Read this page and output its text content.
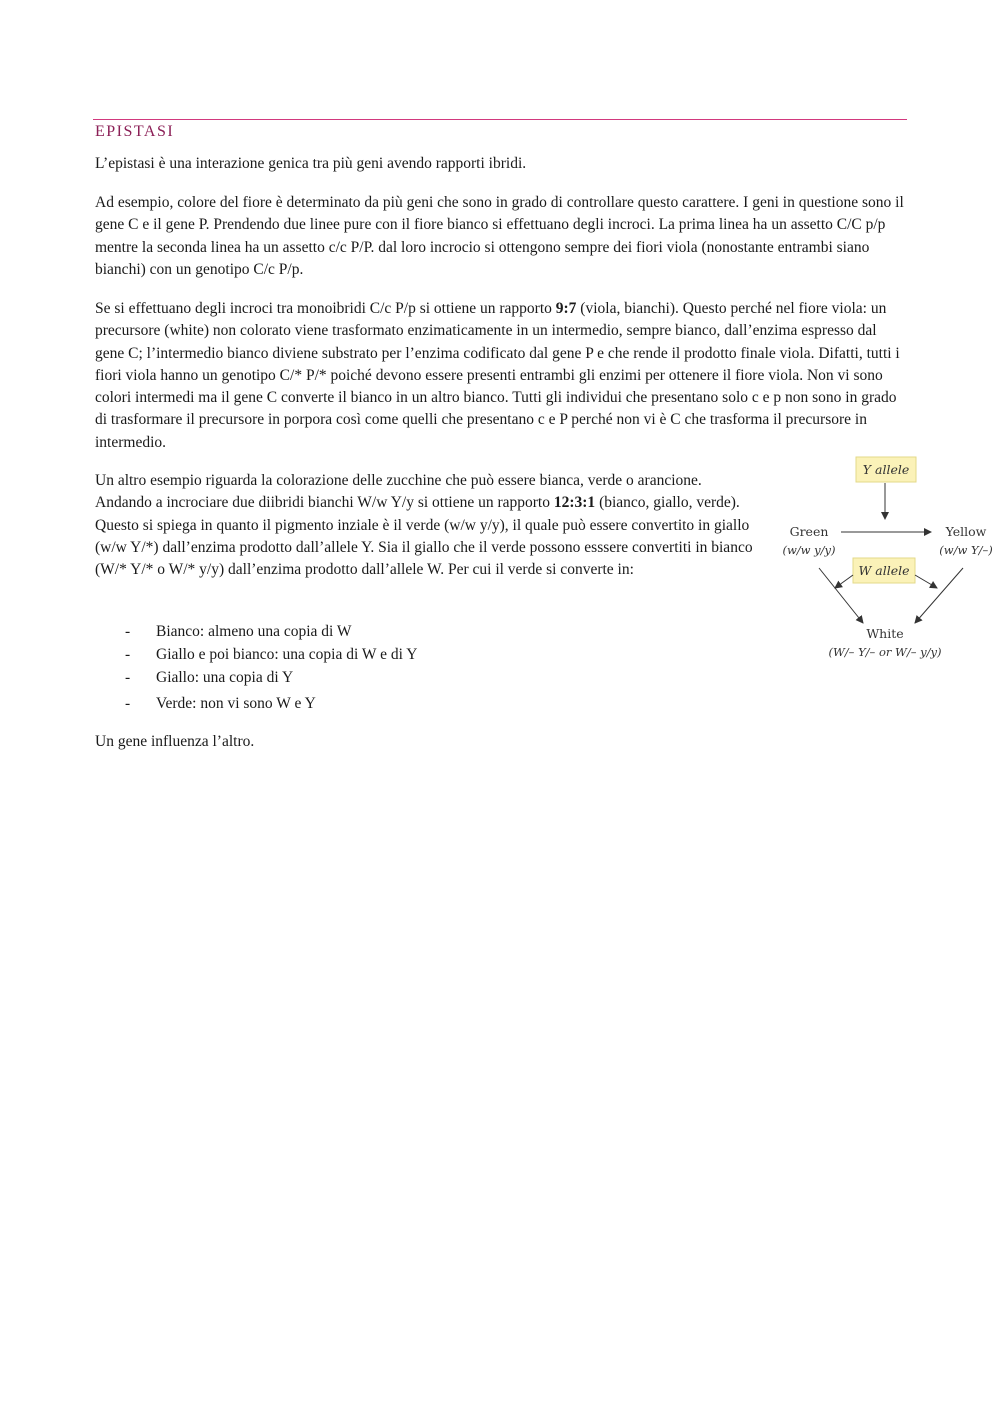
EPISTASI

L’epistasi è una interazione genica tra più geni avendo rapporti ibridi.

Ad esempio, colore del fiore è determinato da più geni che sono in grado di controllare questo carattere. I geni in questione sono il gene C e il gene P. Prendendo due linee pure con il fiore bianco si effettuano degli incroci. La prima linea ha un assetto C/C p/p mentre la seconda linea ha un assetto c/c P/P. dal loro incrocio si ottengono sempre dei fiori viola (nonostante entrambi siano bianchi) con un genotipo C/c P/p.

Se si effettuano degli incroci tra monoibridi C/c P/p si ottiene un rapporto 9:7 (viola, bianchi). Questo perché nel fiore viola: un precursore (white) non colorato viene trasformato enzimaticamente in un intermedio, sempre bianco, dall’enzima espresso dal gene C; l’intermedio bianco diviene substrato per l’enzima codificato dal gene P e che rende il prodotto finale viola. Difatti, tutti i fiori viola hanno un genotipo C/* P/* poiché devono essere presenti entrambi gli enzimi per ottenere il fiore viola. Non vi sono colori intermedi ma il gene C converte il bianco in un altro bianco. Tutti gli individui che presentano solo c e p non sono in grado di trasformare il precursore in porpora così come quelli che presentano c e P perché non vi è C che trasforma il precursore in intermedio.

Un altro esempio riguarda la colorazione delle zucchine che può essere bianca, verde o arancione. Andando a incrociare due diibridi bianchi W/w Y/y si ottiene un rapporto 12:3:1 (bianco, giallo, verde). Questo si spiega in quanto il pigmento inziale è il verde (w/w y/y), il quale può essere convertito in giallo (w/w Y/*) dall’enzima prodotto dall’allele Y. Sia il giallo che il verde possono esssere convertiti in bianco (W/* Y/* o W/* y/y) dall’enzima prodotto dall’allele W. Per cui il verde si converte in:

- Bianco: almeno una copia di W
- Giallo e poi bianco: una copia di W e di Y
- Giallo: una copia di Y
- Verde: non vi sono W e Y

Un gene influenza l’altro.

Y allele
Green
(w/w y/y)
Yellow
(w/w Y/–)
W allele
White
(W/– Y/– or W/– y/y)
